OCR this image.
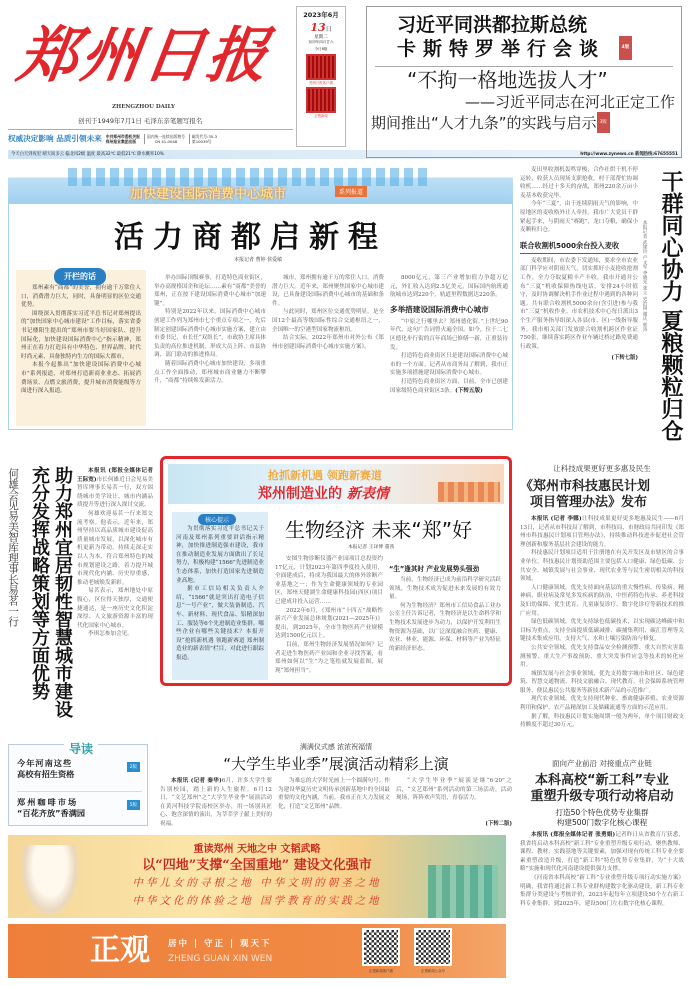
郑州日报
ZHENGZHOU DAILY
创刊于1949年7月1日 毛泽东亲笔题写报名
权威决定影响 品质引领未来 中共郑州市委机关报
郑州报业集团出版
国内统一连续出版物号
CN 41-0048
邮发代号:35-3
第10039号
今天白天到夜里 晴天间多云 偏北风2级 温度 最高32℃ 最低21℃ 降水概率10%	http://www.zynews.cn 新闻热线:67655551
2023年6月
13日
星期二
癸卯年四月廿六
今日8版
郑州日报客户端
正观新闻
习近平同洪都拉斯总统
卡斯特罗举行会谈	4版
“不拘一格地选拔人才”
——习近平同志在河北正定工作
期间推出“人才九条”的实践与启示 3版
加快建设国际消费中心城市	系列报道
活力商都启新程
本报记者 曹婷 侯爱敏
开栏的话

郑州素有“商都”的美誉，拥有逾千万常住人口，消费潜力巨大，同时，具备明显的区位交通优势。

围绕深入贯彻落实习近平总书记对郑州提出的“加快国家中心城市建设”工作目标，落实省委书记楼阳生提出的“郑州市要当好国家队、提升国际化，加快建设国际消费中心”指示精神，郑州正在着力打造具有中华特色、世界品牌、时代时尚元素，具备独特内生力的国际大都市。

本报今起推出“加快建设国际消费中心城市”系列报道，对郑州打造新商业业态、拓展消费场景、点燃文旅消费，提升城市消费能级等方面进行深入报道。

举办国际顶级赛事，打造特色商业街区，举办高规格国企和论坛……素有“商都”美誉的郑州，正在按下建设国际消费中心城市“加速键”。

特别是2022年以来，国际消费中心城市创建工作列为郑州市七个重点专项之一，先后制定创建国际消费中心城市实施方案，建立由市委书记、市长任“双组长”，市政协主席具体负责的高位推进机制，形成大员上阵、市县协调、部门联动的推进格局。

随着国际消费中心城市加快建设，多项重点工作全面推动，郑州城市商业魅力不断攀升，“商都”持续焕发新活力。

城市，郑州拥有逾千万的常住人口，消费潜力巨大。近年来，郑州聚焦国家中心城市建设，已具备建设国际消费中心城市的基础和条件。

与此同时，郑州区位交通优势明显，是全国12个最高等级国际性综合交通枢纽之一，全国唯一的空港型国家物流枢纽。

结合实际，2022年郑州市对外公布《郑州市创建国际消费中心城市实施方案》。

8000亿元，第三产业增加值力争超万亿元，外汇收入达到2.5亿美元，国际国内航班通航城市达到220个，轨道里程数据达220条。

多举措建设国际消费中心城市

“中原之行哪里去？郑州德化街。”上世纪90年代，这句广告词曾火遍全国。如今，位于二七区德化步行街的百年商场已修缮一新，正重装待发。

打造特色商业街区只是建设国际消费中心城市的一个方面。记者从市商务局了解到，我市正实施多项措施建设国际消费中心城市。

打造特色商业街区方面，目前，全市已创建国家级特色商业街区3条。(下转五版)

麦田里收割机轰鸣穿梭，合作社烘干机不停运转，收获人员现场支职抢收，村干部帮忙协调收机……经过十多天的奋战，郑州220余万亩小麦基本收获完毕。

今年“三夏”，由于连续阴雨天气的影响，中原地区的麦收格外让人牵挂。我市广大党员干群紧起手来，与阴雨天“赛跑”，龙口夺粮，确保小麦颗粒归仓。

联合收割机5000余台投入麦收

麦收期间，市农委下发通知，要求全市农业部门科学应对阴雨天气，切实抓好小麦抢收抢割工作，全力夺取夏粮丰产丰收。我市开通并公布“三夏”机收保障热线电话，安排24小时值守，及时协调解决机手作业过程中遇到的各种问题。共有联合收割机5000余台(含引进)参与我市“三夏”机收作业。市农机技术中心每日派出3个生产服务指导组深入各县(市、区)一线指导服务。我市相关部门发放联合收割机跨区作业证750张，继续落实跨区作业车辆过桥过路免费通行政策。

(下转七版)
本报记者 武建玲 卢文军 李晓光 张立 史治国 谢庆 郭涛 干群同心协力 夏粮颗粒归仓
何雄会见易美智库理事长易茗一行	助力郑州宜居韧性智慧城市建设 充分发挥战略策划等方面优势	本报讯 (郑报全媒体记者 王际宽)市长何雄近日会见易美智库理事长易茗一行，双方围绕城市美学设计、城市内涵品质提升等进行深入探讨交流。

何雄欢迎易茗一行来郑交流考察。他表示，近年来，郑州坚持以高品质城市建设促高质量城市发展，以深化城市有机更新为带动，持续走深走实以人为本、符合郑州特色的城市规划建设之路，着力提升城市现代化内涵、历史厚重感，推动老城焕发新彩。

易茗表示，郑州地处中原腹心，区位得天独厚，交通便捷通达，是一座历史文化积淀深厚、人文旅游资源丰富的现代化国家中心城市。

李琪怎参加会见。

抢抓新机遇 领跑新赛道
郑州制造业的 新表情
核心提示

为贯彻落实习近平总书记关于河南及郑州系列重要讲话指示精神，加快推进制造强市建设，我市在推动制造业发展方面做出了长足努力，积极构建“1566”先进制造业生态体系，加快打造国家先进制造业高地。

据市工信局相关负责人介绍，“1566”就是突出打造电子信息“一号产业”，做大装备制造、汽车、新材料、现代食品、铝精深加工、服装等6个先进制造业集群。哪些企业有哪些关键技术？本报开设“抢抓新机遇 领跑新赛道 郑州制造业的新表情”栏目，对此进行跟踪报道。

生物经济 未来“郑”好
本报记者 王译博 董茜

安图生物诊断仪器产业园项目总投资约17亿元，计划2023年第四季度投入使用，全面建成后，将成为我国最大的体外诊断产业基地之一；作为生命健康领域的专业园区，郑州天健湖生命健康科技园(西区)项目已建成并投入运营……

2022年6月，《郑州市“十四五”战略性新兴产业发展总体规划(2021—2025年)》提出，到2025年，全市生物医药产业规模达到1500亿元以上。

目前，郑州生物经济发展情况如何？记者走进生物医药产业园和企业寻找答案，看郑州如何以“生”为之笔绘就发展蓝图，展现“郑州担当”。

“生”逢其时 产业发展势头强劲

当前，生物经济已成为前沿科学研究活跃领域，生物技术成为促进未来发展的有效力量。

何为生物经济？郑州市工信局食品工业办公室主任告诉记者，生物经济是以生命科学和生物技术发展进步为动力，以保护开发利用生物资源为基础，以广泛深度融合医药、健康、农业、林业、能源、环保、材料等产业为特征的新经济形态。

让科技成果更好更多惠及民生
《郑州市科技惠民计划
项目管理办法》发布

本报讯 (记者 李娜)让科技成果更好更多地惠及民生——6月13日，记者从市科技局了解到，市科技局、市财政局共同印发《郑州市科技惠民计划项目管理办法》，持续推动科技进步促进社会管理创新和服务基层社会建设的能力。

科技惠民计划项目适用于注册地在有关开发区及市辖区的合事业单位。科技惠民计划资助范围主要包括人口健康、绿色低碳、公共安全、城镇发展与社会事业、现代农业等与民生密切相关的科技领域。

人口健康领域，优先支持面向基层的重大慢性病、传染病、精神病、职业病及常见多发疾病的防治，中医药特色传承、养老科技及妇幼保障、优生优育、儿童康复诊疗、数字化诊疗等新技术的推广应用。

绿色低碳领域，优先支持绿色低碳技术，以实现碳达峰碳中和目标为重点，支持全面提质低碳减排、碳捕集利用、碳汇管理等关键技术集成应用，支持大气、水和土壤污染防治与修复。

公共安全领域，优先支持食品安全检测预警、重大自然灾害监测预警、重大生产事故预防、重大突发事件应急等技术的转化应用。

城镇发展与社会事业领域，优先支持数字城市和社区、绿色建筑、智慧交通物流、科技文旅融合、现代教育、社会保障系统管理服务、便民惠民公共服务等新技术新产品的示范推广。

现代农业领域，优先支持现代种业、畜禽健康养殖、农业资源利用和保护、农产品精深加工及储藏流通等方面的示范应用。

据了解，科技惠民计划实施周期一般为两年，单个项目财政支持额度不超过30万元。

面向产业前沿 对接重点产业链
本科高校“新工科”专业
重塑升级专项行动将启动
打造50个特色优势专业集群
构建500门数字化核心课程

本报讯 (郑报全媒体记者 张勇娟)记者昨日从省教育厅获悉，我省将启动本科高校“新工科”专业重塑升级专项行动，聚焦教师、课程、教材、实践基地等关键要素，加强对现有传统工科专业全要素重塑改造升级，打造“新工科”特色优势专业集群，为“十大战略”实施和现代化河南建设提供强力支撑。

《河南省本科高校“新工科”专业重塑升级专项行动实施方案》明确，我省将通过新工科专业群构建数字化驱动建设，新工科专业集群分类建设与考核评价，2023年起每年立项建设50个左右新工科专业集群，到2025年，建设500门左右数字化核心课程。

导读
今年河南这些
高校有招生资格
2版
郑州咖啡市场
“百花齐放”香满园
5版
满满仪式感 浓浓祝福情
“大学生毕业季”展演活动精彩上演

本报讯 (记者 秦华)6月，许多大学生要告别校园，踏上新的人生旅程。6月12日，“文艺郑州”之“大学生毕业季”展演活动在黄河科技学院南校区举办，用一场别具匠心、饱含深情的演出，为莘莘学子献上美好的祝福。

为难忘的大学时光画上一个圆满句号。作为建设华夏历史文明传承创新基地中的全国最重要的文化内涵，当前，我市正在大力发展文化，打造“文艺郑州”品牌。

“大学生毕业季”展演是继“6·20”之后，“文艺郑州”系列活动的第三场活动。活动现场，阵阵欢声笑语，青春活力。

(下转二版)
重读郑州 天地之中 文韬武略
以“四地”支撑“全国重地” 建设文化强市
中华儿女的寻根之地 中华文明的朝圣之地
中华文化的体验之地 国学教育的实践之地
正观 居中 | 守正 | 观天下
ZHENG GUAN XIN WEN
正观新闻客户端	正观新闻公众号
